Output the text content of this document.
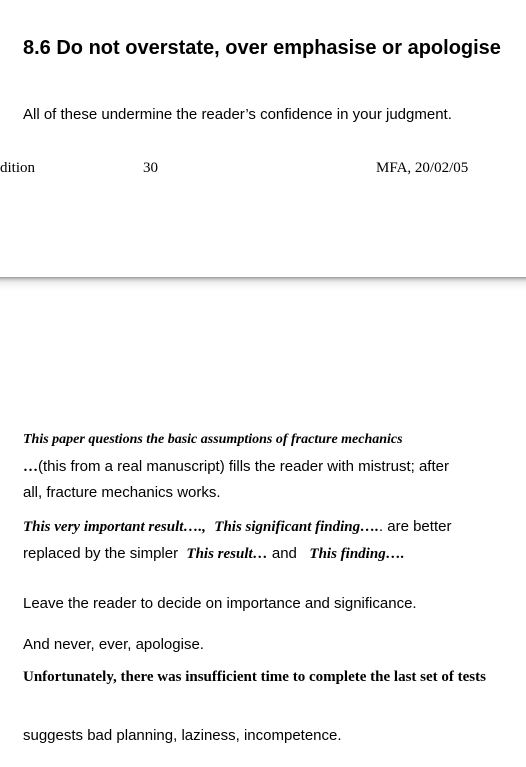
8.6 Do not overstate, over emphasise or apologise
All of these undermine the reader’s confidence in your judgment.
dition	30	MFA, 20/02/05
This paper questions the basic assumptions of fracture mechanics
…(this from a real manuscript) fills the reader with mistrust; after
all, fracture mechanics works.
This very important result…., This significant finding….. are better
replaced by the simpler This result… and This finding….
Leave the reader to decide on importance and significance.
And never, ever, apologise.
Unfortunately, there was insufficient time to complete the last set of tests
suggests bad planning, laziness, incompetence.
